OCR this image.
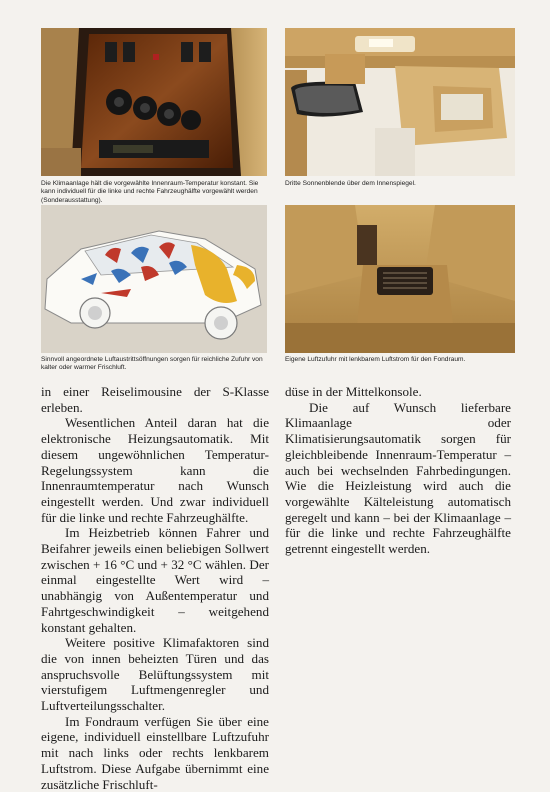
Die Klimaanlage hält die vorgewählte Innenraum-Temperatur konstant. Sie kann individuell für die linke und rechte Fahrzeughälfte vorgewählt werden (Sonderausstattung).
Dritte Sonnenblende über dem Innenspiegel.
Sinnvoll angeordnete Luftaustrittsöffnungen sorgen für reichliche Zufuhr von kalter oder warmer Frischluft.
Eigene Luftzufuhr mit lenkbarem Luftstrom für den Fondraum.

in einer Reiselimousine der S-Klasse erleben.

Wesentlichen Anteil daran hat die elektronische Heizungsautomatik. Mit diesem ungewöhnlichen Temperatur-Regelungssystem kann die Innenraumtemperatur nach Wunsch eingestellt werden. Und zwar individuell für die linke und rechte Fahrzeughälfte.

Im Heizbetrieb können Fahrer und Beifahrer jeweils einen beliebigen Sollwert zwischen + 16 °C und + 32 °C wählen. Der einmal eingestellte Wert wird – unabhängig von Außentemperatur und Fahrtgeschwindigkeit – weitgehend konstant gehalten.

Weitere positive Klimafaktoren sind die von innen beheizten Türen und das anspruchsvolle Belüftungssystem mit vierstufigem Luftmengenregler und Luftverteilungsschalter.

Im Fondraum verfügen Sie über eine eigene, individuell einstellbare Luftzufuhr mit nach links oder rechts lenkbarem Luftstrom. Diese Aufgabe übernimmt eine zusätzliche Frischluft-

düse in der Mittelkonsole.

Die auf Wunsch lieferbare Klimaanlage oder Klimatisierungsautomatik sorgen für gleichbleibende Innenraum-Temperatur – auch bei wechselnden Fahrbedingungen. Wie die Heizleistung wird auch die vorgewählte Kälteleistung automatisch geregelt und kann – bei der Klimaanlage – für die linke und rechte Fahrzeughälfte getrennt eingestellt werden.
